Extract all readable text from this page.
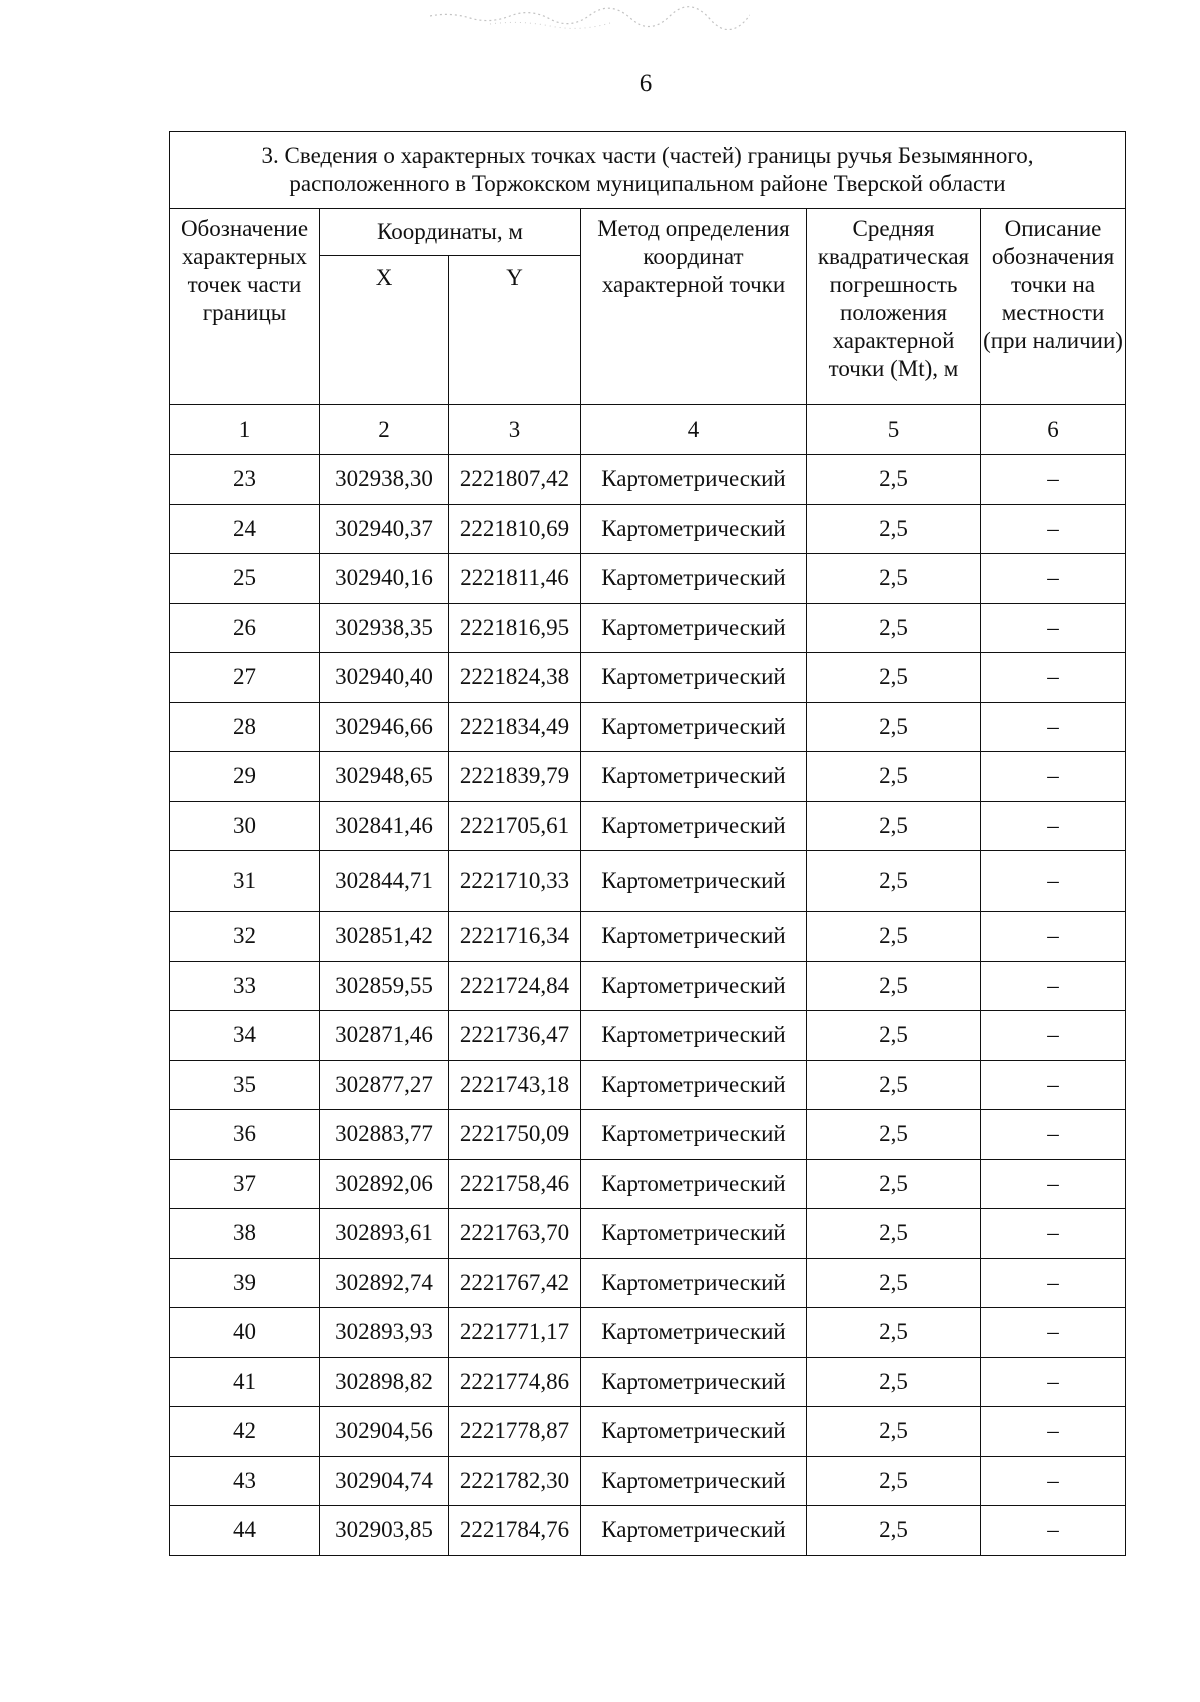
6
3. Сведения о характерных точках части (частей) границы ручья Безымянного,
расположенного в Торжокском муниципальном районе Тверской области					

Обозначение характерных точек части границы	Координаты, м		Метод определения координат характерной точки	Средняя квадратическая погрешность положения характерной точки (Mt), м	Описание обозначения точки на местности (при наличии)
	X	Y			
1	2	3	4	5	6
23	302938,30	2221807,42	Картометрический	2,5	–
24	302940,37	2221810,69	Картометрический	2,5	–
25	302940,16	2221811,46	Картометрический	2,5	–
26	302938,35	2221816,95	Картометрический	2,5	–
27	302940,40	2221824,38	Картометрический	2,5	–
28	302946,66	2221834,49	Картометрический	2,5	–
29	302948,65	2221839,79	Картометрический	2,5	–
30	302841,46	2221705,61	Картометрический	2,5	–
31	302844,71	2221710,33	Картометрический	2,5	–
32	302851,42	2221716,34	Картометрический	2,5	–
33	302859,55	2221724,84	Картометрический	2,5	–
34	302871,46	2221736,47	Картометрический	2,5	–
35	302877,27	2221743,18	Картометрический	2,5	–
36	302883,77	2221750,09	Картометрический	2,5	–
37	302892,06	2221758,46	Картометрический	2,5	–
38	302893,61	2221763,70	Картометрический	2,5	–
39	302892,74	2221767,42	Картометрический	2,5	–
40	302893,93	2221771,17	Картометрический	2,5	–
41	302898,82	2221774,86	Картометрический	2,5	–
42	302904,56	2221778,87	Картометрический	2,5	–
43	302904,74	2221782,30	Картометрический	2,5	–
44	302903,85	2221784,76	Картометрический	2,5	–
